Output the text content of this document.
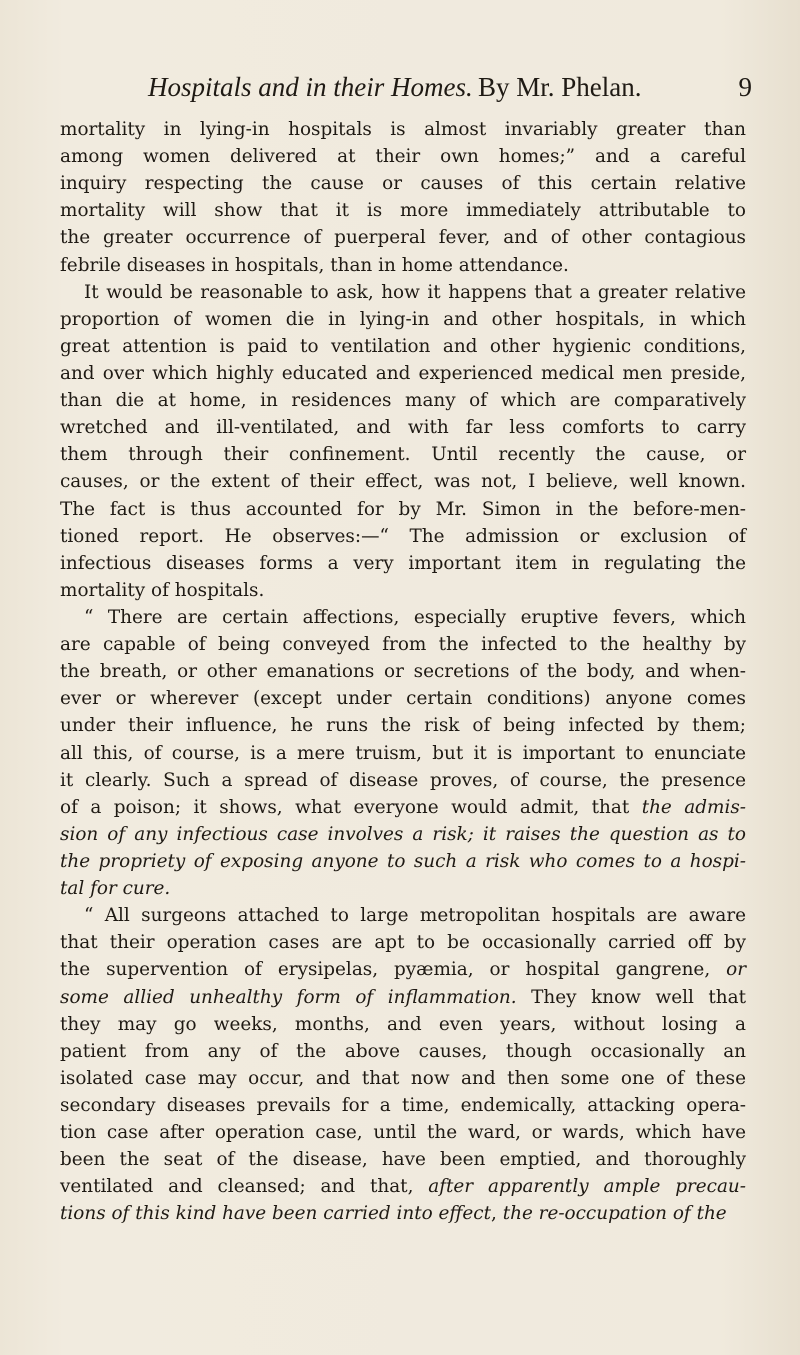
Hospitals and in their Homes. By Mr. Phelan.	9
mortality in lying-in hospitals is almost invariably greater than
among women delivered at their own homes;” and a careful
inquiry respecting the cause or causes of this certain relative
mortality will show that it is more immediately attributable to
the greater occurrence of puerperal fever, and of other contagious
febrile diseases in hospitals, than in home attendance.
It would be reasonable to ask, how it happens that a greater relative
proportion of women die in lying-in and other hospitals, in which
great attention is paid to ventilation and other hygienic conditions,
and over which highly educated and experienced medical men preside,
than die at home, in residences many of which are comparatively
wretched and ill-ventilated, and with far less comforts to carry
them through their confinement. Until recently the cause, or
causes, or the extent of their effect, was not, I believe, well known.
The fact is thus accounted for by Mr. Simon in the before-men-
tioned report. He observes:—“ The admission or exclusion of
infectious diseases forms a very important item in regulating the
mortality of hospitals.
“ There are certain affections, especially eruptive fevers, which
are capable of being conveyed from the infected to the healthy by
the breath, or other emanations or secretions of the body, and when-
ever or wherever (except under certain conditions) anyone comes
under their influence, he runs the risk of being infected by them;
all this, of course, is a mere truism, but it is important to enunciate
it clearly. Such a spread of disease proves, of course, the presence
of a poison; it shows, what everyone would admit, that the admis-
sion of any infectious case involves a risk; it raises the question as to
the propriety of exposing anyone to such a risk who comes to a hospi-
tal for cure.
“ All surgeons attached to large metropolitan hospitals are aware
that their operation cases are apt to be occasionally carried off by
the supervention of erysipelas, pyæmia, or hospital gangrene, or
some allied unhealthy form of inflammation. They know well that
they may go weeks, months, and even years, without losing a
patient from any of the above causes, though occasionally an
isolated case may occur, and that now and then some one of these
secondary diseases prevails for a time, endemically, attacking opera-
tion case after operation case, until the ward, or wards, which have
been the seat of the disease, have been emptied, and thoroughly
ventilated and cleansed; and that, after apparently ample precau-
tions of this kind have been carried into effect, the re-occupation of the
